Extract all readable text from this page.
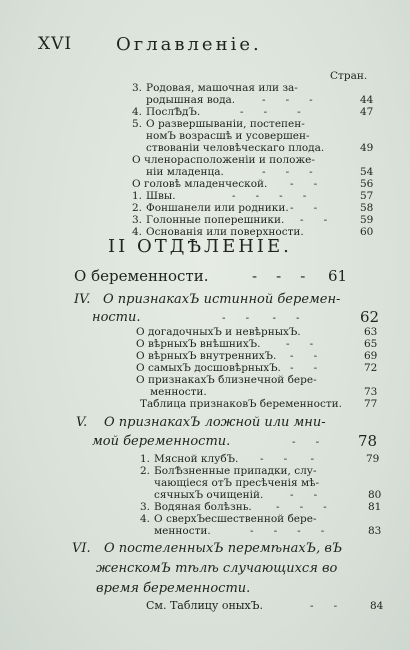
XVI Оглавленіе.
Стран.
3. Родовая, машочная или за-
родышная вода.	-      -      -	44
4. ПослѢдЪ.	-      -         -	47
5. О развершываніи, постепен-
номЪ возрасшѣ и усовершен-
ствованіи человѣческаго плода.	49
О членорасположеніи и положе-
ніи младенца.	-      -      -	54
О головѣ младенческой. -      -	56
1. Швы.	-      -      -      -	57
2. Фоншанели или родники. -      -	58
3. Голонные поперешники. -      -	59
4. Основанія или поверхности.	60
II ОТДѢЛЕНІЕ.
О беременности.	-    -    - 61
IV. О признакахЪ истинной беремен-
ности.	-      -       -      -	62
О догадочныхЪ и невѣрныхЪ.	63
О вѣрныхЪ внѣшнихЪ. -      -	65
О вѣрныхЪ внутреннихЪ. -      -	69
О самыхЪ досшовѣрныхЪ. -      -	72
О признакахЪ близнечной бере-
менности.	73
Таблица признаковЪ беременности. 77
V. О признакахЪ ложной или мни-
мой беременности.	-      -	78
1. Мясной клубЪ. -      -       -	79
2. БолѢзненные припадки, слу-
чающіеся отЪ пресѣченія мѣ-
сячныхЪ очищеній.	-      -	80
3. Водяная болѣзнь. -      -      -	81
4. О сверхЪесшественной бере-
менности.	-      -      -      -	83
VI. О постеленныхЪ перемѣнахЪ, вЪ
женскомЪ тѣлѣ случающихся во
время беременности.
См. Таблицу оныхЪ.	-      -	84
